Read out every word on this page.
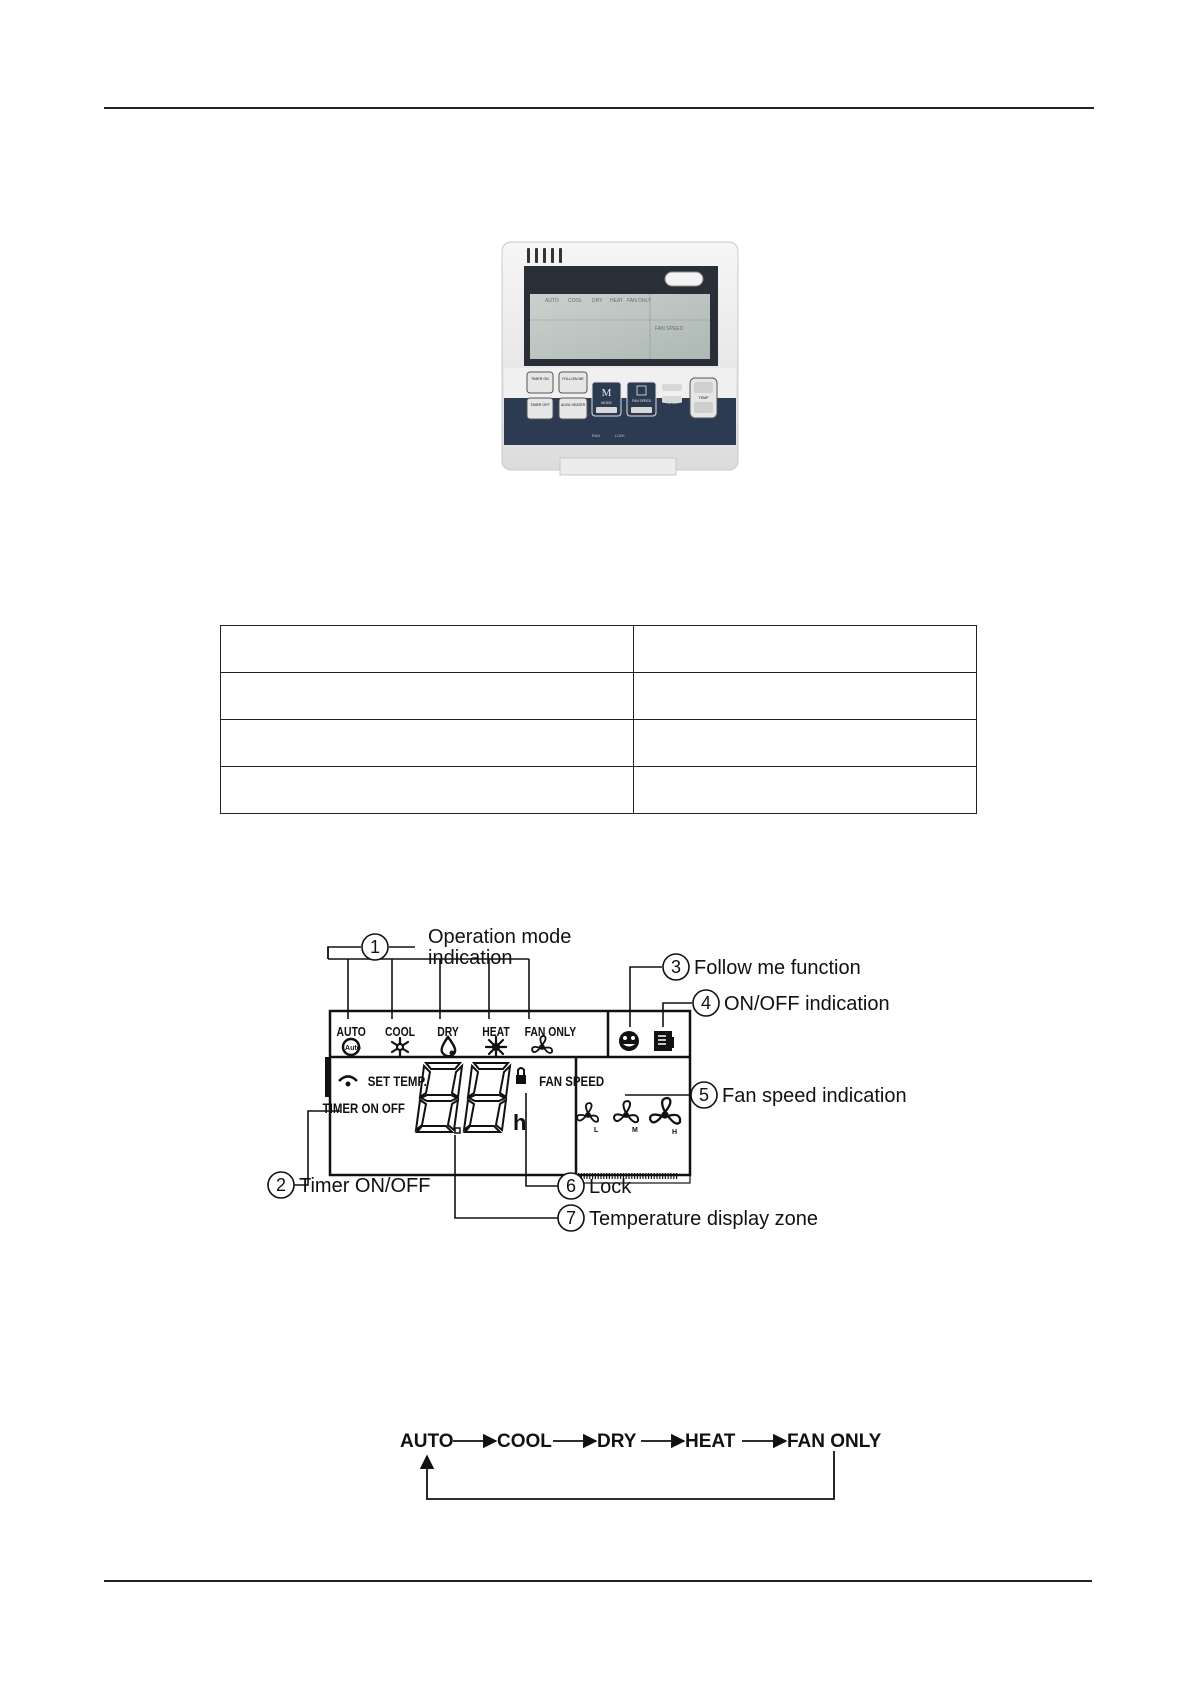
AUTO COOL DRY HEAT FAN ONLY
FAN SPEED
TIMER ON
TIMER OFF
FOLLOW ME
AUXIL HEATER
M
MODE	FAN SPEED
ECO
TEMP
RUN	LOCK

AUTO COOL DRY HEAT FAN ONLY
Auto
SET TEMP.
TIMER ON OFF
h
FAN SPEED
L	M	H
1
3
4
5
2	6
7
Operation mode
indication
Timer ON/OFF
Follow me function
ON/OFF indication
Fan speed indication
Lock
Temperature display zone
AUTO COOL DRY	HEAT	FAN ONLY
